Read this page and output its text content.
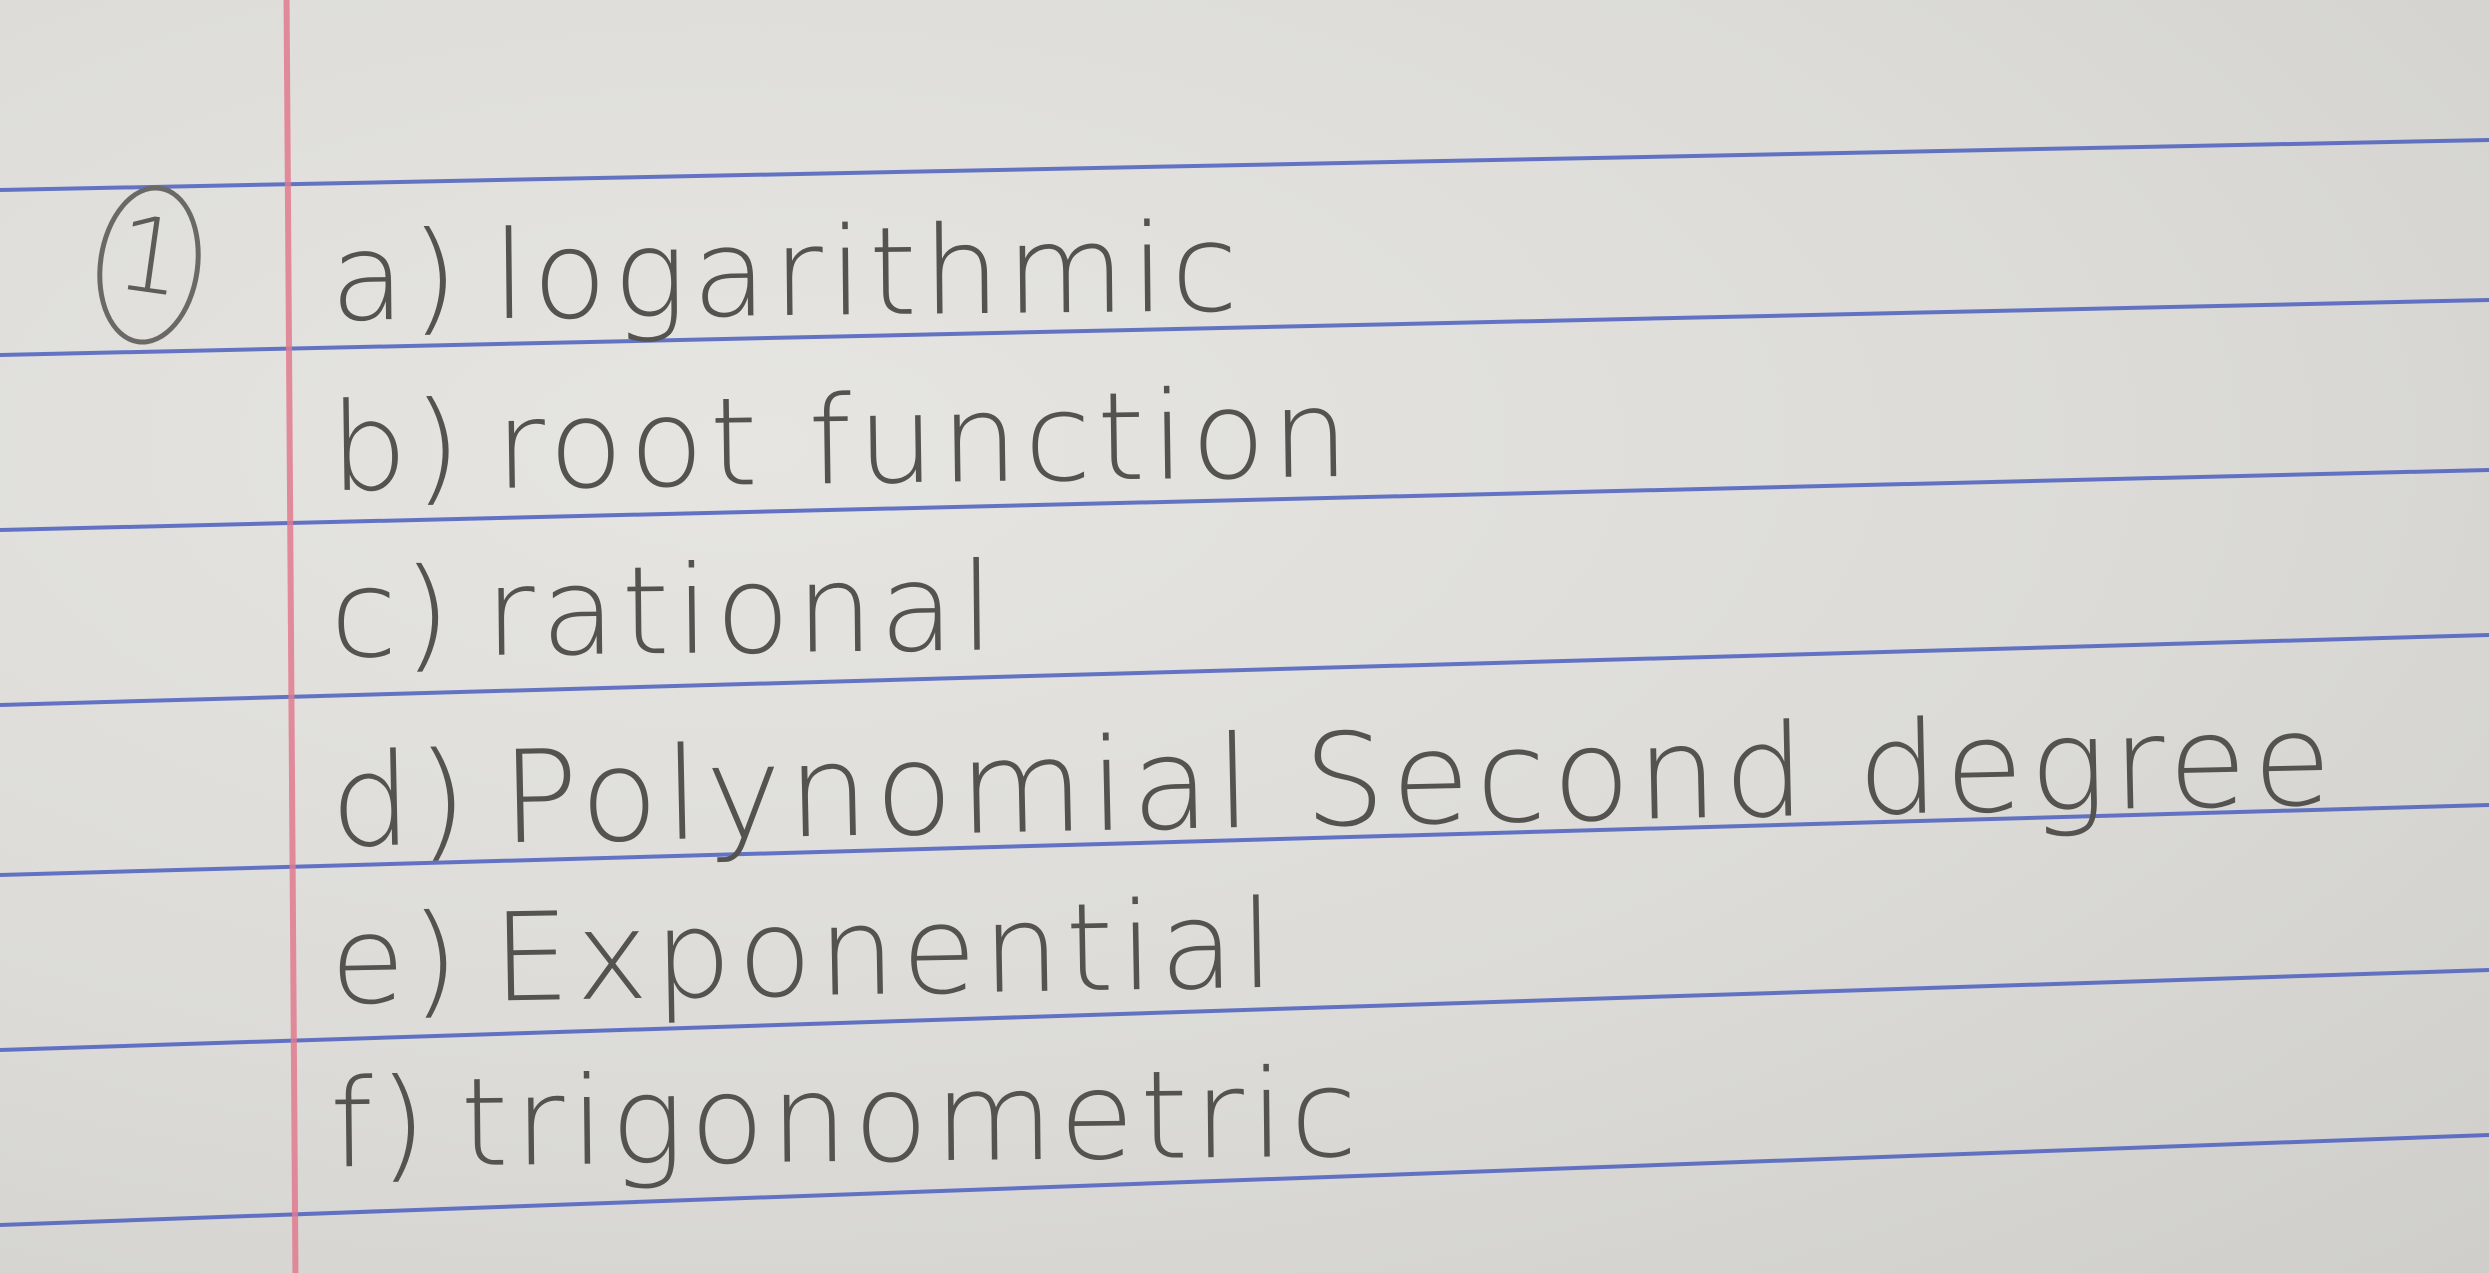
1 a) logarithmic
b) root function
c) rational
d) Polynomial Second degree
e) Exponential
f) trigonometric
